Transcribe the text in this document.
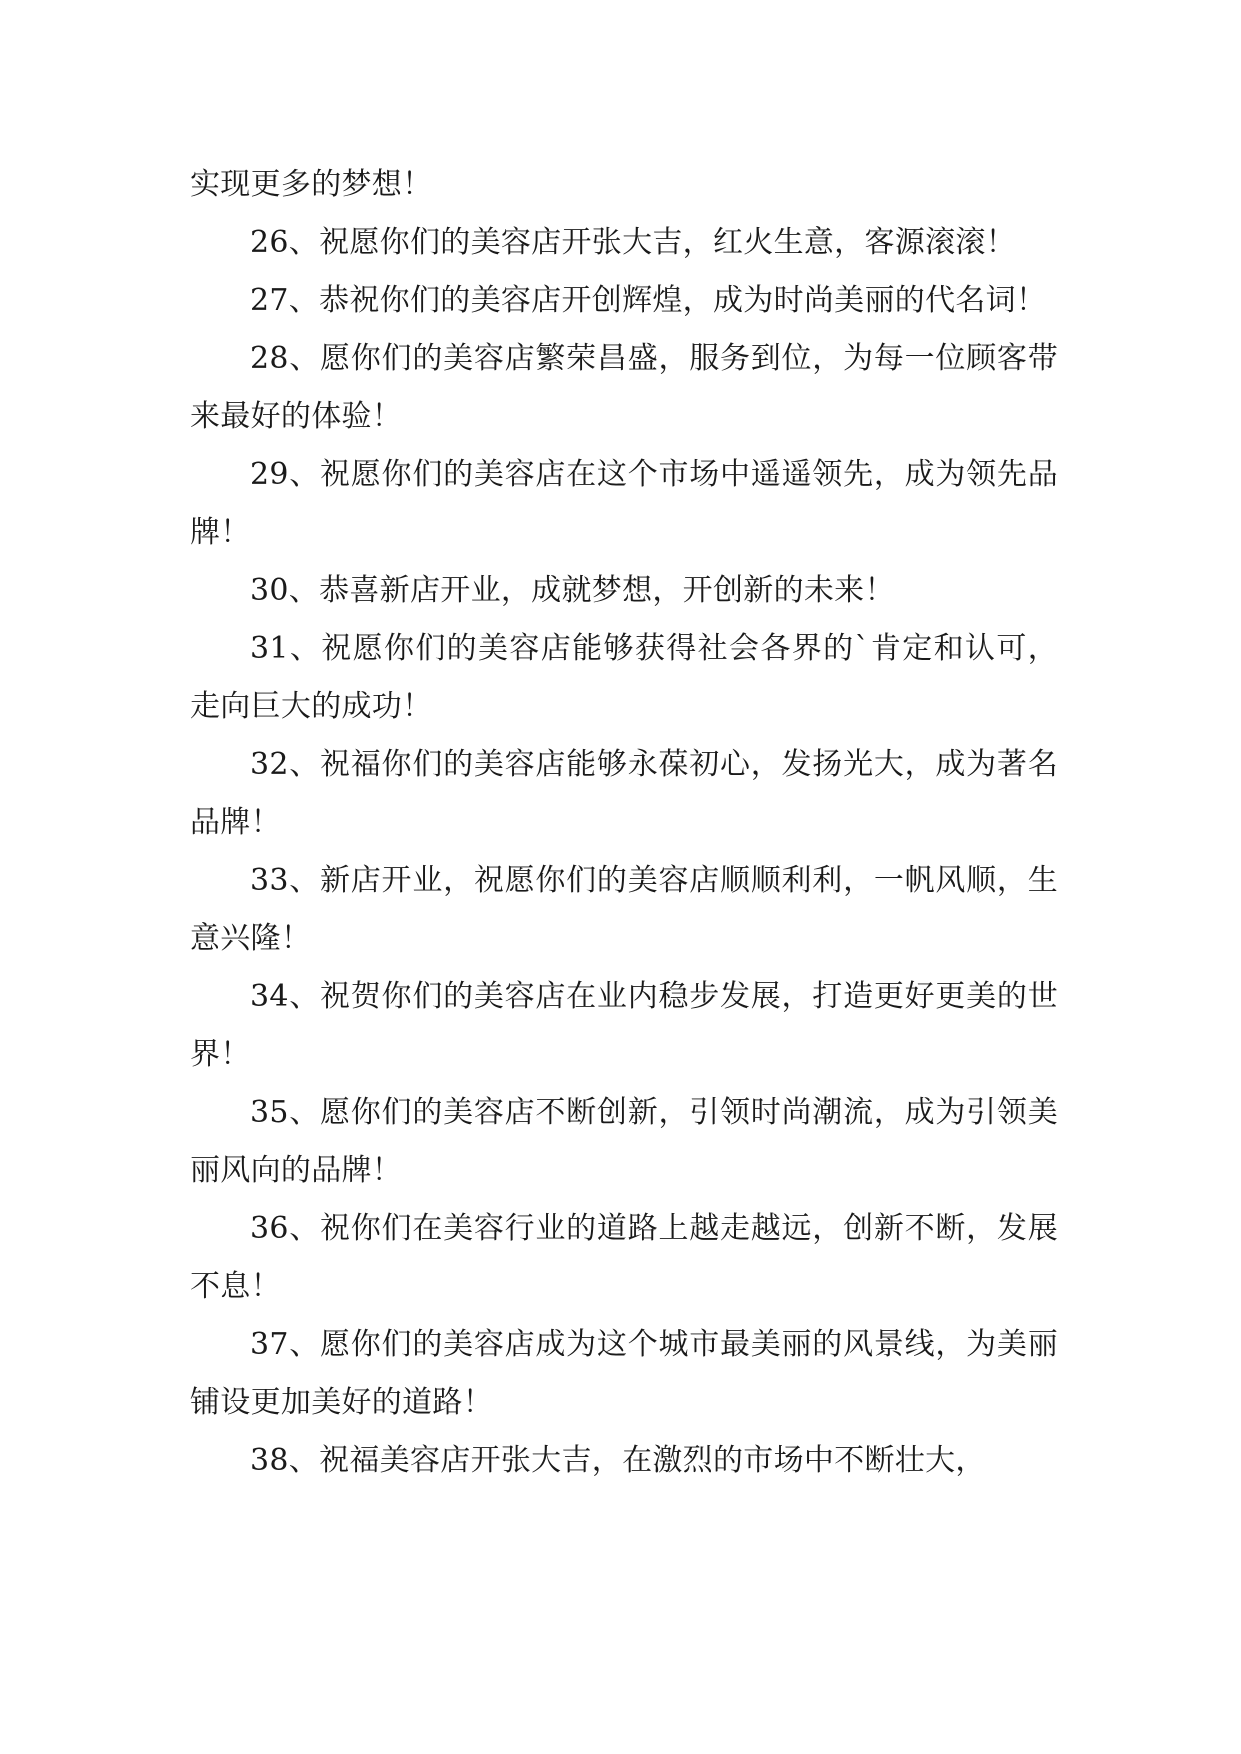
实现更多的梦想！

26、祝愿你们的美容店开张大吉，红火生意，客源滚滚！

27、恭祝你们的美容店开创辉煌，成为时尚美丽的代名词！

28、愿你们的美容店繁荣昌盛，服务到位，为每一位顾客带来最好的体验！

29、祝愿你们的美容店在这个市场中遥遥领先，成为领先品牌！

30、恭喜新店开业，成就梦想，开创新的未来！

31、祝愿你们的美容店能够获得社会各界的`肯定和认可，走向巨大的成功！

32、祝福你们的美容店能够永葆初心，发扬光大，成为著名品牌！

33、新店开业，祝愿你们的美容店顺顺利利，一帆风顺，生意兴隆！

34、祝贺你们的美容店在业内稳步发展，打造更好更美的世界！

35、愿你们的美容店不断创新，引领时尚潮流，成为引领美丽风向的品牌！

36、祝你们在美容行业的道路上越走越远，创新不断，发展不息！

37、愿你们的美容店成为这个城市最美丽的风景线，为美丽铺设更加美好的道路！

38、祝福美容店开张大吉，在激烈的市场中不断壮大，
